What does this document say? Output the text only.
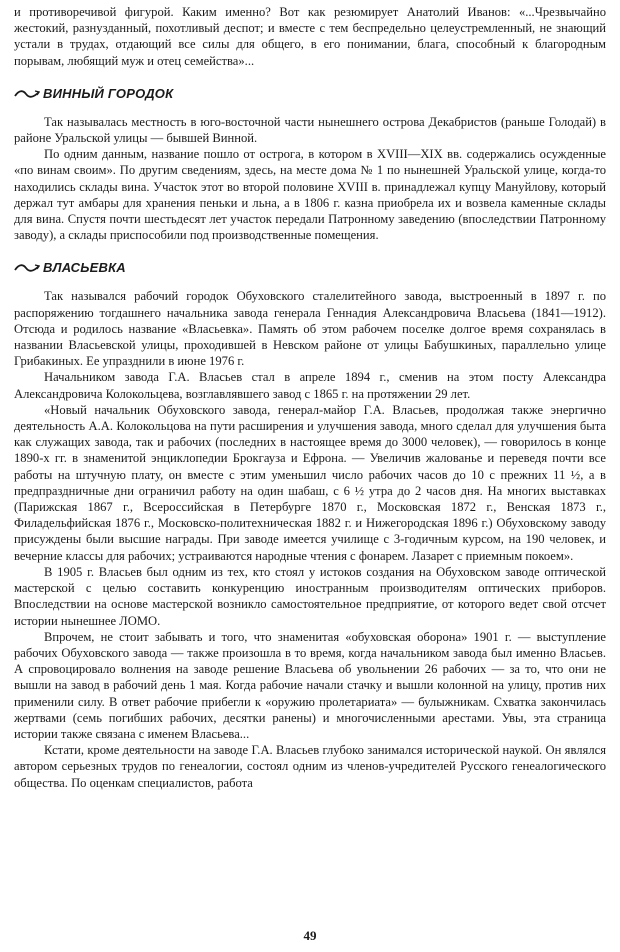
и противоречивой фигурой. Каким именно? Вот как резюмирует Анатолий Иванов: «...Чрезвычайно жестокий, разнузданный, похотливый деспот; и вместе с тем беспредельно целеустремленный, не знающий устали в трудах, отдающий все силы для общего, в его понимании, блага, способный к благородным порывам, любящий муж и отец семейства»...

ВИННЫЙ ГОРОДОК

Так называлась местность в юго-восточной части нынешнего острова Декабристов (раньше Голодай) в районе Уральской улицы — бывшей Винной.

По одним данным, название пошло от острога, в котором в XVIII—XIX вв. содержались осужденные «по винам своим». По другим сведениям, здесь, на месте дома № 1 по нынешней Уральской улице, когда-то находились склады вина. Участок этот во второй половине XVIII в. принадлежал купцу Мануйлову, который держал тут амбары для хранения пеньки и льна, а в 1806 г. казна приобрела их и возвела каменные склады для вина. Спустя почти шестьдесят лет участок передали Патронному заведению (впоследствии Патронному заводу), а склады приспособили под производственные помещения.

ВЛАСЬЕВКА

Так назывался рабочий городок Обуховского сталелитейного завода, выстроенный в 1897 г. по распоряжению тогдашнего начальника завода генерала Геннадия Александровича Власьева (1841—1912). Отсюда и родилось название «Власьевка». Память об этом рабочем поселке долгое время сохранялась в названии Власьевской улицы, проходившей в Невском районе от улицы Бабушкиных, параллельно улице Грибакиных. Ее упразднили в июне 1976 г.

Начальником завода Г.А. Власьев стал в апреле 1894 г., сменив на этом посту Александра Александровича Колокольцева, возглавлявшего завод с 1865 г. на протяжении 29 лет.

«Новый начальник Обуховского завода, генерал-майор Г.А. Власьев, продолжая также энергично деятельность А.А. Колокольцова на пути расширения и улучшения завода, много сделал для улучшения быта как служащих завода, так и рабочих (последних в настоящее время до 3000 человек), — говорилось в конце 1890-х гг. в знаменитой энциклопедии Брокгауза и Ефрона. — Увеличив жалованье и переведя почти все работы на штучную плату, он вместе с этим уменьшил число рабочих часов до 10 с прежних 11 ½, а в предпраздничные дни ограничил работу на один шабаш, с 6 ½ утра до 2 часов дня. На многих выставках (Парижская 1867 г., Всероссийская в Петербурге 1870 г., Московская 1872 г., Венская 1873 г., Филадельфийская 1876 г., Московско-политехническая 1882 г. и Нижегородская 1896 г.) Обуховскому заводу присуждены были высшие награды. При заводе имеется училище с 3-годичным курсом, на 190 человек, и вечерние классы для рабочих; устраиваются народные чтения с фонарем. Лазарет с приемным покоем».

В 1905 г. Власьев был одним из тех, кто стоял у истоков создания на Обуховском заводе оптической мастерской с целью составить конкуренцию иностранным производителям оптических приборов. Впоследствии на основе мастерской возникло самостоятельное предприятие, от которого ведет свой отсчет истории нынешнее ЛОМО.

Впрочем, не стоит забывать и того, что знаменитая «обуховская оборона» 1901 г. — выступление рабочих Обуховского завода — также произошла в то время, когда начальником завода был именно Власьев. А спровоцировало волнения на заводе решение Власьева об увольнении 26 рабочих — за то, что они не вышли на завод в рабочий день 1 мая. Когда рабочие начали стачку и вышли колонной на улицу, против них применили силу. В ответ рабочие прибегли к «оружию пролетариата» — булыжникам. Схватка закончилась жертвами (семь погибших рабочих, десятки ранены) и многочисленными арестами. Увы, эта страница истории также связана с именем Власьева...

Кстати, кроме деятельности на заводе Г.А. Власьев глубоко занимался исторической наукой. Он являлся автором серьезных трудов по генеалогии, состоял одним из членов-учредителей Русского генеалогического общества. По оценкам специалистов, работа

49
